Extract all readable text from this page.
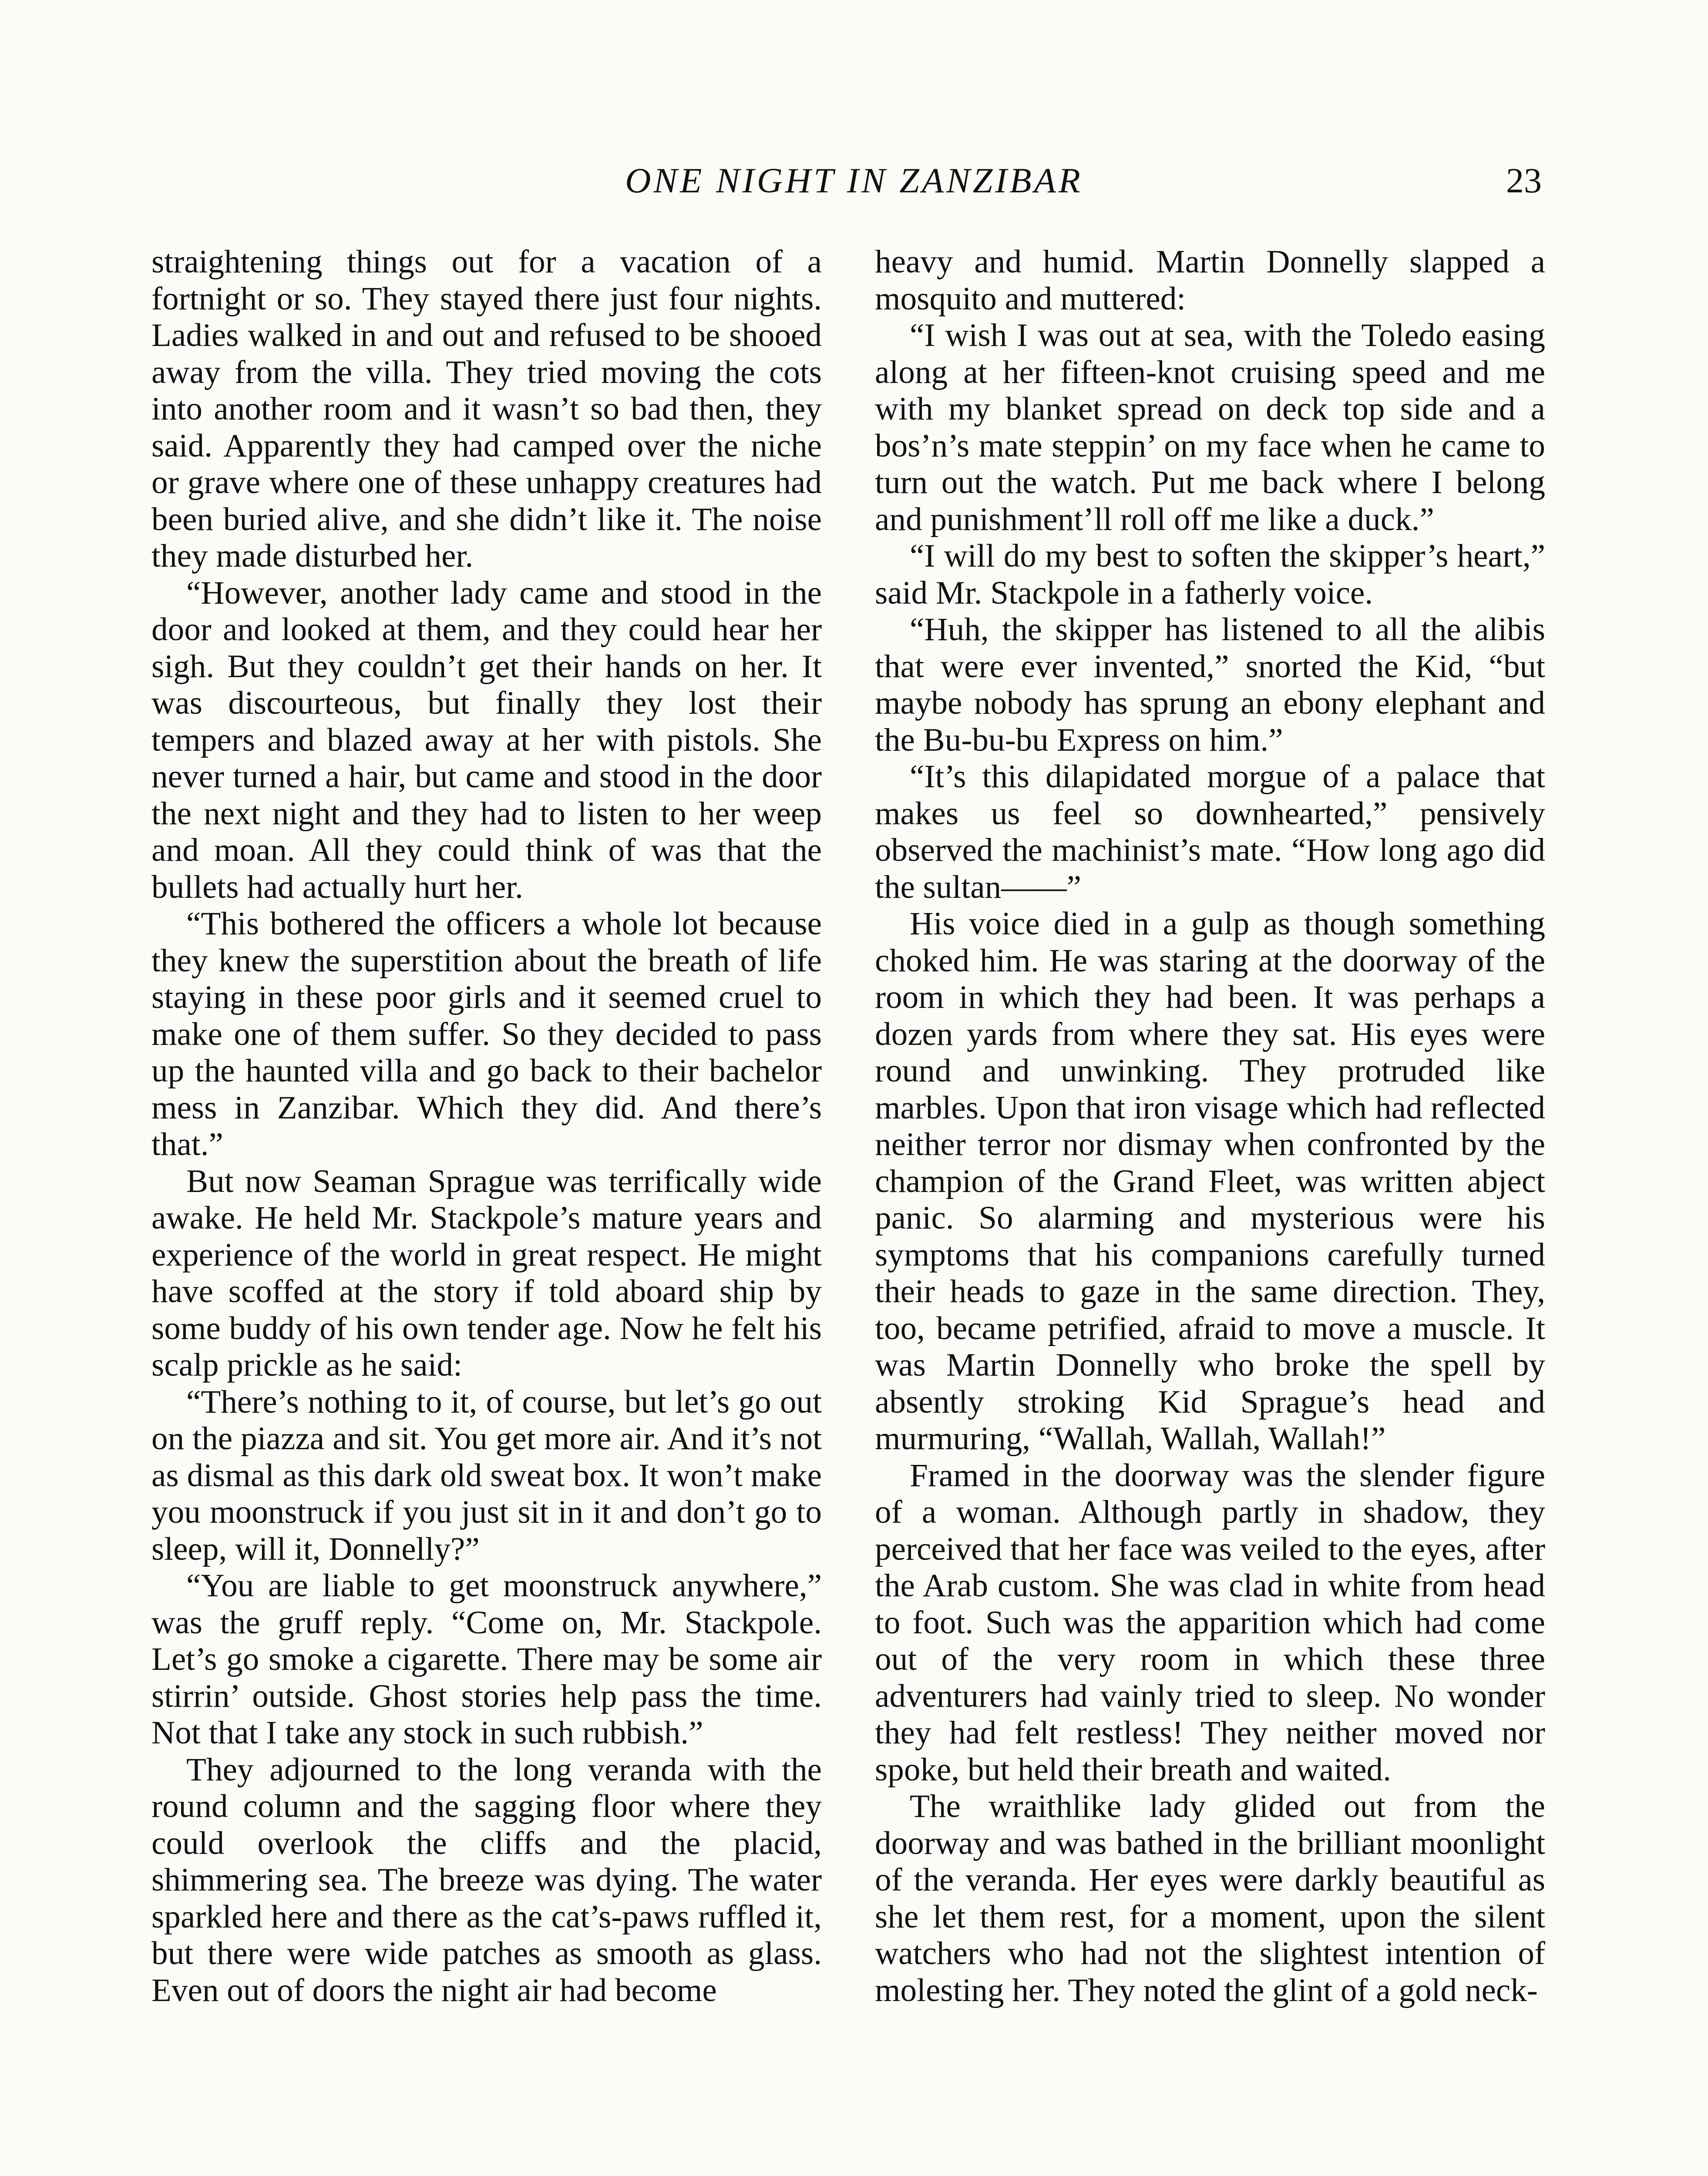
ONE NIGHT IN ZANZIBAR	23

straightening things out for a vacation of a fortnight or so. They stayed there just four nights. Ladies walked in and out and refused to be shooed away from the villa. They tried moving the cots into another room and it wasn’t so bad then, they said. Apparently they had camped over the niche or grave where one of these unhappy creatures had been buried alive, and she didn’t like it. The noise they made disturbed her.

“However, another lady came and stood in the door and looked at them, and they could hear her sigh. But they couldn’t get their hands on her. It was discourteous, but finally they lost their tempers and blazed away at her with pistols. She never turned a hair, but came and stood in the door the next night and they had to listen to her weep and moan. All they could think of was that the bullets had actually hurt her.

“This bothered the officers a whole lot because they knew the superstition about the breath of life staying in these poor girls and it seemed cruel to make one of them suffer. So they decided to pass up the haunted villa and go back to their bachelor mess in Zanzibar. Which they did. And there’s that.”

But now Seaman Sprague was terrifically wide awake. He held Mr. Stackpole’s mature years and experience of the world in great respect. He might have scoffed at the story if told aboard ship by some buddy of his own tender age. Now he felt his scalp prickle as he said:

“There’s nothing to it, of course, but let’s go out on the piazza and sit. You get more air. And it’s not as dismal as this dark old sweat box. It won’t make you moonstruck if you just sit in it and don’t go to sleep, will it, Donnelly?”

“You are liable to get moonstruck anywhere,” was the gruff reply. “Come on, Mr. Stackpole. Let’s go smoke a cigarette. There may be some air stirrin’ outside. Ghost stories help pass the time. Not that I take any stock in such rubbish.”

They adjourned to the long veranda with the round column and the sagging floor where they could overlook the cliffs and the placid, shimmering sea. The breeze was dying. The water sparkled here and there as the cat’s-paws ruffled it, but there were wide patches as smooth as glass. Even out of doors the night air had become

heavy and humid. Martin Donnelly slapped a mosquito and muttered:

“I wish I was out at sea, with the Toledo easing along at her fifteen-knot cruising speed and me with my blanket spread on deck top side and a bos’n’s mate steppin’ on my face when he came to turn out the watch. Put me back where I belong and punishment’ll roll off me like a duck.”

“I will do my best to soften the skipper’s heart,” said Mr. Stackpole in a fatherly voice.

“Huh, the skipper has listened to all the alibis that were ever invented,” snorted the Kid, “but maybe nobody has sprung an ebony elephant and the Bu-bu-bu Express on him.”

“It’s this dilapidated morgue of a palace that makes us feel so downhearted,” pensively observed the machinist’s mate. “How long ago did the sultan——”

His voice died in a gulp as though something choked him. He was staring at the doorway of the room in which they had been. It was perhaps a dozen yards from where they sat. His eyes were round and unwinking. They protruded like marbles. Upon that iron visage which had reflected neither terror nor dismay when confronted by the champion of the Grand Fleet, was written abject panic. So alarming and mysterious were his symptoms that his companions carefully turned their heads to gaze in the same direction. They, too, became petrified, afraid to move a muscle. It was Martin Donnelly who broke the spell by absently stroking Kid Sprague’s head and murmuring, “Wallah, Wallah, Wallah!”

Framed in the doorway was the slender figure of a woman. Although partly in shadow, they perceived that her face was veiled to the eyes, after the Arab custom. She was clad in white from head to foot. Such was the apparition which had come out of the very room in which these three adventurers had vainly tried to sleep. No wonder they had felt restless! They neither moved nor spoke, but held their breath and waited.

The wraithlike lady glided out from the doorway and was bathed in the brilliant moonlight of the veranda. Her eyes were darkly beautiful as she let them rest, for a moment, upon the silent watchers who had not the slightest intention of molesting her. They noted the glint of a gold neck-
